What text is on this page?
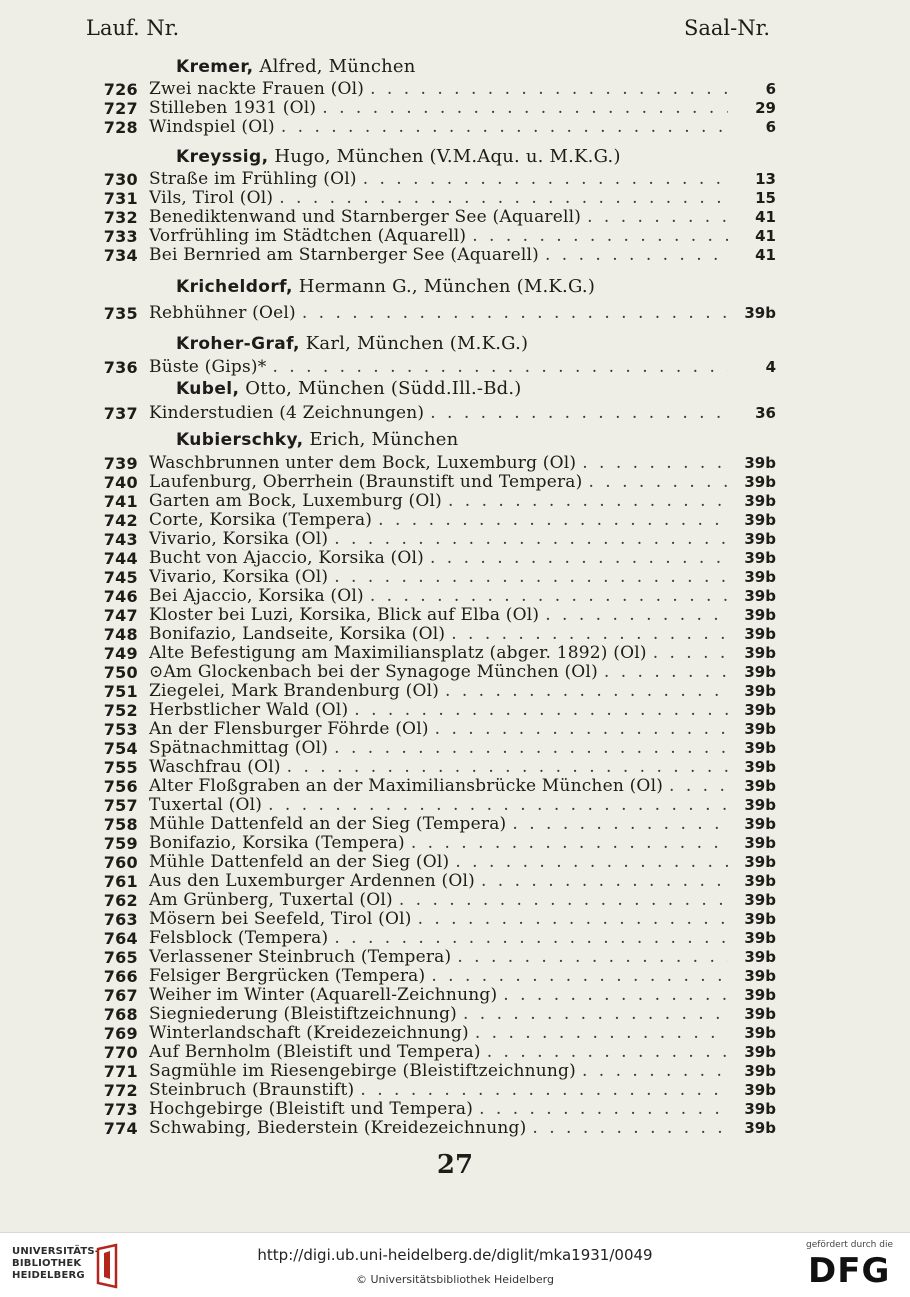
Lauf. Nr.	Saal-Nr.
Kremer, Alfred, München
726 Zwei nackte Frauen (Öl) . . .	6
727 Stilleben 1931 (Öl) . . .	29
728 Windspiel (Öl) . . .	6
Kreyssig, Hugo, München (V.M.Aqu. u. M.K.G.)
730 Straße im Frühling (Öl) . . .	13
731 Vils, Tirol (Öl) . . .	15
732 Benediktenwand und Starnberger See (Aquarell) . . .	41
733 Vorfrühling im Städtchen (Aquarell) . . .	41
734 Bei Bernried am Starnberger See (Aquarell) . . .	41
Kricheldorf, Hermann G., München (M.K.G.)
735 Rebhühner (Oel) . . .	39b
Kroher-Graf, Karl, München (M.K.G.)
736 Büste (Gips)* . . .	4
Kubel, Otto, München (Südd.Ill.-Bd.)
737 Kinderstudien (4 Zeichnungen) . . .	36
Kubierschky, Erich, München
739 Waschbrunnen unter dem Bock, Luxemburg (Öl) . . .	39b
740 Laufenburg, Oberrhein (Braunstift und Tempera) . . .	39b
741 Garten am Bock, Luxemburg (Öl) . . .	39b
742 Corte, Korsika (Tempera) . . .	39b
743 Vivario, Korsika (Öl) . . .	39b
744 Bucht von Ajaccio, Korsika (Öl) . . .	39b
745 Vivario, Korsika (Öl) . . .	39b
746 Bei Ajaccio, Korsika (Öl) . . .	39b
747 Kloster bei Luzi, Korsika, Blick auf Elba (Öl) . . .	39b
748 Bonifazio, Landseite, Korsika (Öl) . . .	39b
749 Alte Befestigung am Maximiliansplatz (abger. 1892) (Öl) . . .	39b
750 ⊙Am Glockenbach bei der Synagoge München (Öl) . . .	39b
751 Ziegelei, Mark Brandenburg (Öl) . . .	39b
752 Herbstlicher Wald (Öl) . . .	39b
753 An der Flensburger Föhrde (Öl) . . .	39b
754 Spätnachmittag (Öl) . . .	39b
755 Waschfrau (Öl) . . .	39b
756 Alter Floßgraben an der Maximiliansbrücke München (Öl) . . .	39b
757 Tuxertal (Öl) . . .	39b
758 Mühle Dattenfeld an der Sieg (Tempera) . . .	39b
759 Bonifazio, Korsika (Tempera) . . .	39b
760 Mühle Dattenfeld an der Sieg (Öl) . . .	39b
761 Aus den Luxemburger Ardennen (Öl) . . .	39b
762 Am Grünberg, Tuxertal (Öl) . . .	39b
763 Mösern bei Seefeld, Tirol (Öl) . . .	39b
764 Felsblock (Tempera) . . .	39b
765 Verlassener Steinbruch (Tempera) . . .	39b
766 Felsiger Bergrücken (Tempera) . . .	39b
767 Weiher im Winter (Aquarell-Zeichnung) . . .	39b
768 Siegniederung (Bleistiftzeichnung) . . .	39b
769 Winterlandschaft (Kreidezeichnung) . . .	39b
770 Auf Bernholm (Bleistift und Tempera) . . .	39b
771 Sagmühle im Riesengebirge (Bleistiftzeichnung) . . .	39b
772 Steinbruch (Braunstift) . . .	39b
773 Hochgebirge (Bleistift und Tempera) . . .	39b
774 Schwabing, Biederstein (Kreidezeichnung) . . .	39b
27
UNIVERSITÄTS-
BIBLIOTHEK
HEIDELBERG
http://digi.ub.uni-heidelberg.de/diglit/mka1931/0049
© Universitätsbibliothek Heidelberg
gefördert durch die
DFG
